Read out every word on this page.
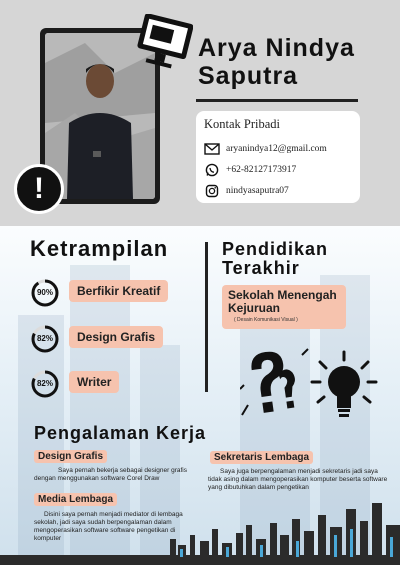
!
Arya Nindya Saputra
Kontak Pribadi
aryanindya12@gmail.com
+62-82127173917
nindyasaputra07
Ketrampilan
90%	Berfikir Kreatif
82%	Design Grafis
82%	Writer
Pendidikan Terakhir
Sekolah Menengah Kejuruan
( Desain Komunikasi Visual )
Pengalaman Kerja
Design Grafis
Saya pernah bekerja sebagai designer grafis dengan menggunakan software Corel Draw
Sekretaris Lembaga
Saya juga berpengalaman menjadi sekretaris jadi saya tidak asing dalam mengoperasikan komputer beserta software yang dibutuhkan dalam pengetikan
Media Lembaga
Disini saya pernah menjadi mediator di lembaga sekolah, jadi saya sudah berpengalaman dalam mengoperasikan software software pengetikan di komputer
